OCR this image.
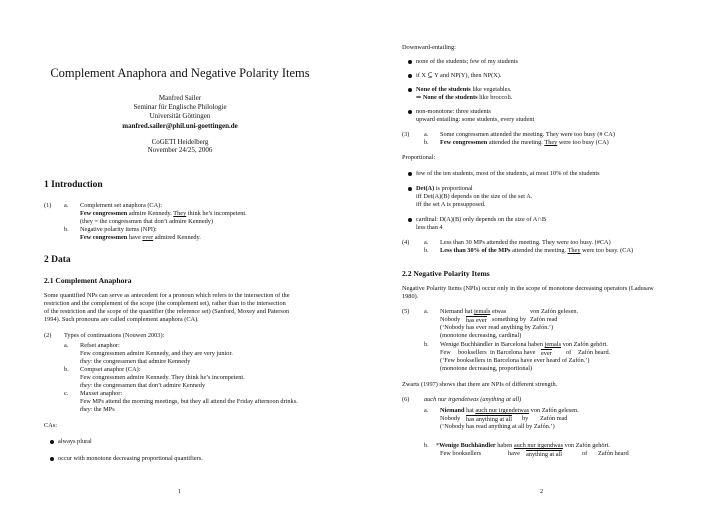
Complement Anaphora and Negative Polarity Items
Manfred Sailer
Seminar für Englische Philologie
Universität Göttingen
manfred.sailer@phil.uni-goettingen.de
CoGETI Heidelberg
November 24/25, 2006
1 Introduction
(1) a. Complement set anaphora (CA):
Few congressmen admire Kennedy. They think he’s incompetent.
(they = the congressmen that don’t admire Kennedy)
b. Negative polarity items (NPI):
Few congressmen have ever admired Kennedy.
2 Data
2.1 Complement Anaphora
Some quantified NPs can serve as antecedent for a pronoun which refers to the intersection of the
restriction and the complement of the scope (the complement set), rather than to the intersection
of the restriction and the scope of the quantifier (the reference set) (Sanford, Moxey and Paterson
1994). Such pronouns are called complement anaphora (CA).
(2) Types of continuations (Nouwen 2003):
a. Refset anaphor:
Few congressmen admire Kennedy, and they are very junior.
they: the congressmen that admire Kennedy
b. Compset anaphor (CA):
Few congressmen admire Kennedy. They think he’s incompetent.
they: the congressmen that don’t admire Kennedy
c. Maxset anaphor:
Few MPs attend the morning meetings, but they all attend the Friday afternoon drinks.
they: the MPs
CAs:
always plural
occur with monotone decreasing proportional quantifiers.
1
Downward-entailing:
none of the students; few of my students
if X ⊆ Y and NP(Y), then NP(X).
None of the students like vegetables.
⇒ None of the students like broccoli.
non-monotone: three students
upward entailing: some students, every student
(3) a. Some congressmen attended the meeting. They were too busy (# CA)
b. Few congressmen attended the meeting. They were too busy (CA)
Proportional:
few of the ten students, most of the students, at most 10% of the students
Det(A) is proportional
iff Det(A)(B) depends on the size of the set A.
iff the set A is presupposed.
cardinal: D(A)(B) only depends on the size of A∩B
less than 4
(4) a. Less than 30 MPs attended the meeting. They were too busy. (#CA)
b. Less than 30% of the MPs attended the meeting. They were too busy. (CA)
2.2 Negative Polarity Items
Negative Polarity Items (NPIs) occur only in the scope of monotone decreasing operators (Ladusaw
1980).
(5) a. Niemand hat jemals etwas	von Zafón gelesen.
Nobody has ever something by Zafón read
(‘Nobody has ever read anything by Zafón.’)
(monotone decreasing, cardinal)
b. Wenige Buchhändler in Barcelona haben jemals von Zafón gehört.
Few booksellers in Barcelona have ever of Zafón heard.
(‘Few booksellers in Barcelona have ever heard of Zafón.’)
(monotone decreasing, proportional)
Zwarts (1997) shows that there are NPIs of different strength.
(6) auch nur irgendetwas (anything at all)
a. Niemand hat auch nur irgendetwas von Zafón gelesen.
Nobody has anything at all by Zafón read
(‘Nobody has read anything at all by Zafón.’)
b. *Wenige Buchhändler haben auch nur irgendwas von Zafón gehört.
Few booksellers	have anything at all	of Zafón heard
2
